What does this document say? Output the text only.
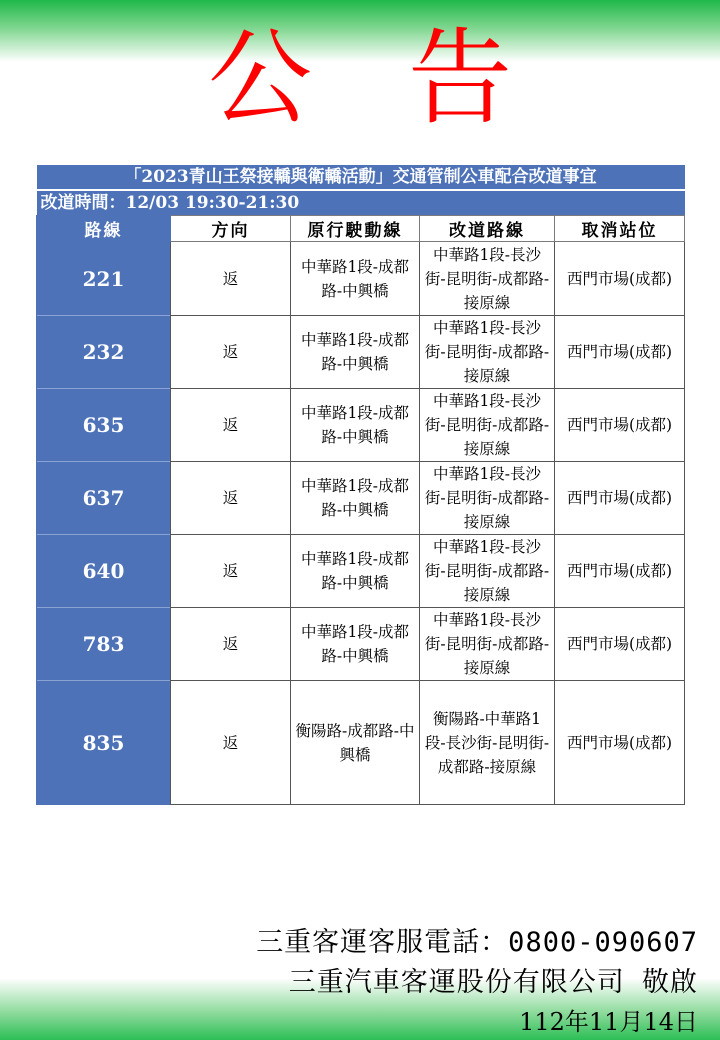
公告
「2023青山王祭接轎與衛轎活動」交通管制公車配合改道事宜				
改道時間：12/03 19:30-21:30				
路線	方向	原行駛動線	改道路線	取消站位
221	返	中華路1段-成都路-中興橋	中華路1段-長沙街-昆明街-成都路-接原線	西門市場(成都)
232	返	中華路1段-成都路-中興橋	中華路1段-長沙街-昆明街-成都路-接原線	西門市場(成都)
635	返	中華路1段-成都路-中興橋	中華路1段-長沙街-昆明街-成都路-接原線	西門市場(成都)
637	返	中華路1段-成都路-中興橋	中華路1段-長沙街-昆明街-成都路-接原線	西門市場(成都)
640	返	中華路1段-成都路-中興橋	中華路1段-長沙街-昆明街-成都路-接原線	西門市場(成都)
783	返	中華路1段-成都路-中興橋	中華路1段-長沙街-昆明街-成都路-接原線	西門市場(成都)
835	返	衡陽路-成都路-中興橋	衡陽路-中華路1段-長沙街-昆明街-成都路-接原線	西門市場(成都)
三重客運客服電話：0800-090607
三重汽車客運股份有限公司 敬啟
112年11月14日
